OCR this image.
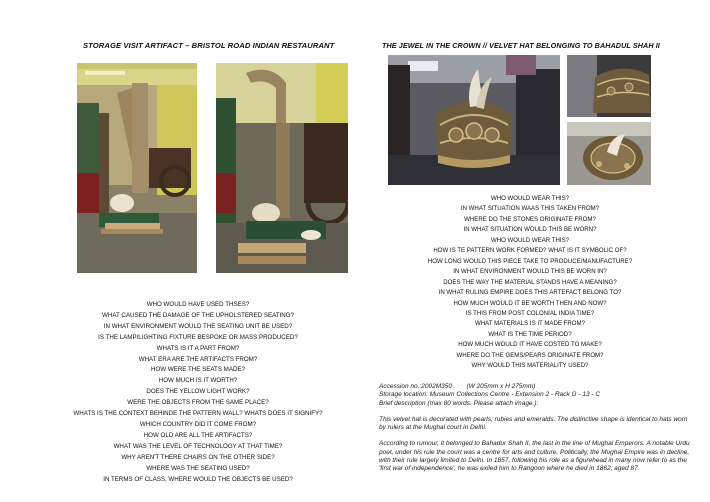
STORAGE VISIT ARTIFACT – BRISTOL ROAD INDIAN RESTAURANT
WHO WOULD HAVE USED THSES?
WHAT CAUSED THE DAMAGE OF THE UPHOLSTERED SEATING?
IN WHAT ENVIRONMENT WOULD THE SEATING UNIT BE USED?
IS THE LAMP/LIGHTING FIXTURE BESPOKE OR MASS PRODUCED?
WHATS IS IT A PART FROM?
WHAT ERA ARE THE ARTIFACTS FROM?
HOW WERE THE SEATS MADE?
HOW MUCH IS IT WORTH?
DOES THE YELLOW LIGHT WORK?
WERE THE OBJECTS FROM THE SAME PLACE?
WHATS IS THE CONTEXT BEHINDE THE PATTERN WALL? WHATS DOES IT SIGNIFY?
WHICH COUNTRY DID IT COME FROM?
HOW OLD ARE ALL THE ARTIFACTS?
WHAT WAS THE LEVEL OF TECHNOLOGY AT THAT TIME?
WHY AREN'T THERE CHAIRS ON THE OTHER SIDE?
WHERE WAS THE SEATING USED?
IN TERMS OF CLASS, WHERE WOULD THE OBJECTS BE USED?
THE JEWEL IN THE CROWN // VELVET HAT BELONGING TO BAHADUL SHAH II
WHO WOULD WEAR THIS?
IN WHAT SITUATION WAAS THIS TAKEN FROM?
WHERE DO THE STONES ORIGINATE FROM?
IN WHAT SITUATION WOULD THIS BE WORN?
WHO WOULD WEAR THIS?
HOW IS TE PATTERN WORK FORMED? WHAT IS IT SYMBOLIC OF?
HOW LONG WOULD THIS PIECE TAKE TO PRODUCE/MANUFACTURE?
IN WHAT ENVIRONMENT WOULD THIS BE WORN IN?
DOES THE WAY THE MATERIAL STANDS HAVE A MEANING?
IN WHAT RULING EMPIRE DOES THIS ARTEFACT BELONG TO?
HOW MUCH WOULD IT BE WORTH THEN AND NOW?
IS THIS FROM POST COLONIAL INDIA TIME?
WHAT MATERIALS IS IT MADE FROM?
WHAT IS THE TIME PERIOD?
HOW MUCH WOULD IT HAVE COSTED TO MAKE?
WHERE DO THE GEMS/PEARS ORIGINATE FROM?
WHY WOULD THIS MATERIALITY USED?

Accession no.:2002M350        (W 205mm x H 275mm)

Storage location: Museum Collections Centre - Extension 2 - Rack G - 13 - C

Brief description (max 80 words. Please attach image.):

This velvet hat is decorated with pearls, rubies and emeralds. The distinctive shape is identical to hats worn by rulers at the Mughal court in Delhi.

According to rumour, it belonged to Bahadur Shah II, the last in the line of Mughal Emperors. A notable Urdu poet, under his rule the court was a centre for arts and culture. Politically, the Mughal Empire was in decline, with their rule largely limited to Delhi. In 1857, following his role as a figurehead in many now refer to as the 'first war of independence', he was exiled him to Rangoon where he died in 1862, aged 87.
